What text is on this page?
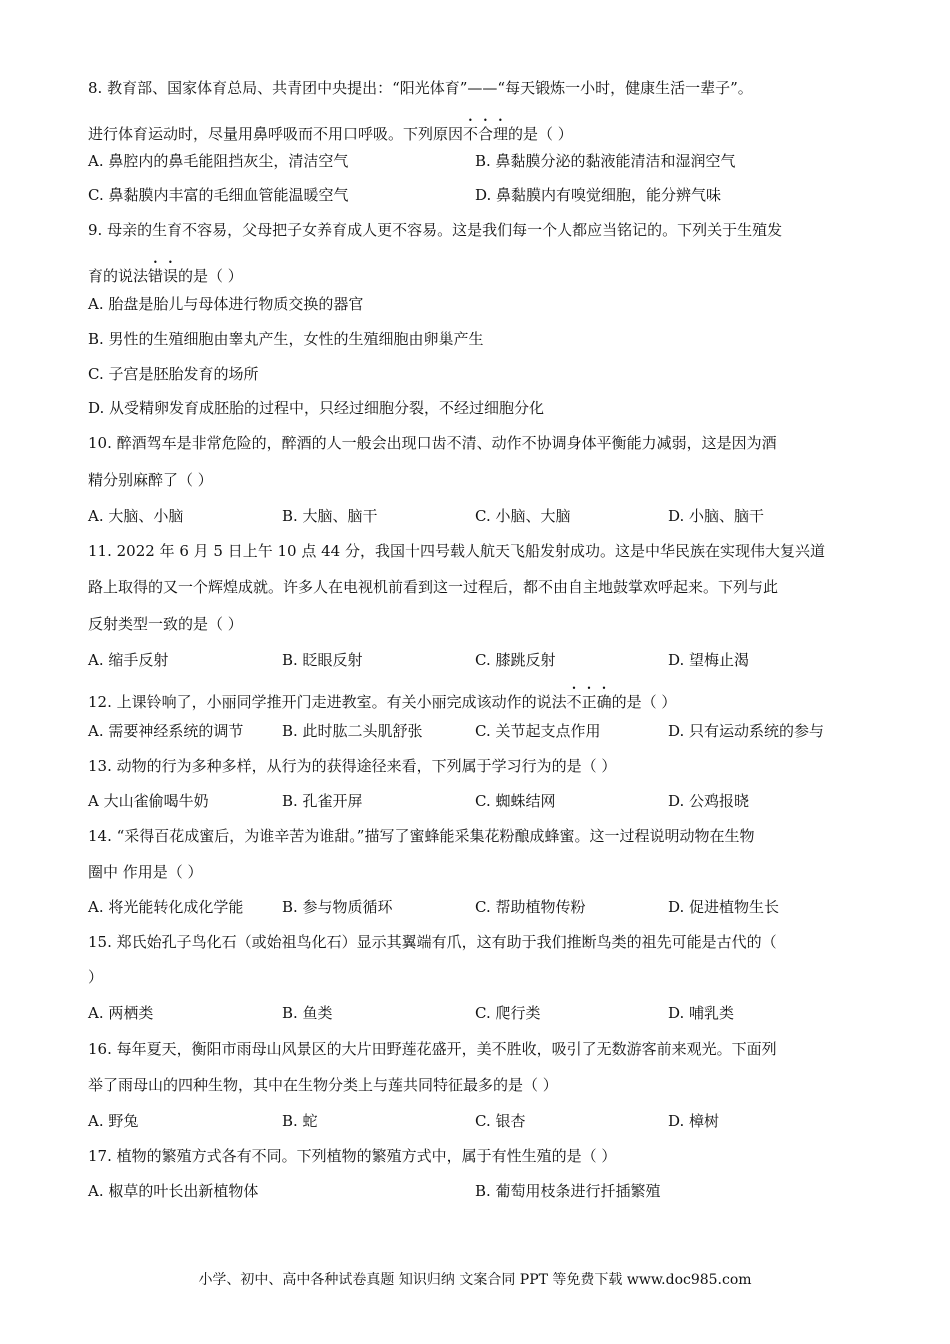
8. 教育部、国家体育总局、共青团中央提出：“阳光体育”——“每天锻炼一小时，健康生活一辈子”。
进行体育运动时，尽量用鼻呼吸而不用口呼吸。下列原因不合理的是（ ）
A. 鼻腔内的鼻毛能阻挡灰尘，清洁空气	B. 鼻黏膜分泌的黏液能清洁和湿润空气
C. 鼻黏膜内丰富的毛细血管能温暖空气	D. 鼻黏膜内有嗅觉细胞，能分辨气味
9. 母亲的生育不容易，父母把子女养育成人更不容易。这是我们每一个人都应当铭记的。下列关于生殖发
育的说法错误的是（ ）
A. 胎盘是胎儿与母体进行物质交换的器官
B. 男性的生殖细胞由睾丸产生，女性的生殖细胞由卵巢产生
C. 子宫是胚胎发育的场所
D. 从受精卵发育成胚胎的过程中，只经过细胞分裂，不经过细胞分化
10. 醉酒驾车是非常危险的，醉酒的人一般会出现口齿不清、动作不协调身体平衡能力减弱，这是因为酒
精分别麻醉了（ ）
A. 大脑、小脑	B. 大脑、脑干	C. 小脑、大脑	D. 小脑、脑干
11. 2022 年 6 月 5 日上午 10 点 44 分，我国十四号载人航天飞船发射成功。这是中华民族在实现伟大复兴道
路上取得的又一个辉煌成就。许多人在电视机前看到这一过程后，都不由自主地鼓掌欢呼起来。下列与此
反射类型一致的是（ ）
A. 缩手反射	B. 眨眼反射	C. 膝跳反射	D. 望梅止渴
12. 上课铃响了，小丽同学推开门走进教室。有关小丽完成该动作的说法不正确的是（ ）
A. 需要神经系统的调节	B. 此时肱二头肌舒张	C. 关节起支点作用	D. 只有运动系统的参与
13. 动物的行为多种多样，从行为的获得途径来看，下列属于学习行为的是（ ）
A 大山雀偷喝牛奶	B. 孔雀开屏	C. 蜘蛛结网	D. 公鸡报晓
14. “采得百花成蜜后，为谁辛苦为谁甜。”描写了蜜蜂能采集花粉酿成蜂蜜。这一过程说明动物在生物
圈中 作用是（ ）
A. 将光能转化成化学能	B. 参与物质循环	C. 帮助植物传粉	D. 促进植物生长
15. 郑氏始孔子鸟化石（或始祖鸟化石）显示其翼端有爪，这有助于我们推断鸟类的祖先可能是古代的（
）
A. 两栖类	B. 鱼类	C. 爬行类	D. 哺乳类
16. 每年夏天，衡阳市雨母山风景区的大片田野莲花盛开，美不胜收，吸引了无数游客前来观光。下面列
举了雨母山的四种生物，其中在生物分类上与莲共同特征最多的是（ ）
A. 野兔	B. 蛇	C. 银杏	D. 樟树
17. 植物的繁殖方式各有不同。下列植物的繁殖方式中，属于有性生殖的是（ ）
A. 椒草的叶长出新植物体	B. 葡萄用枝条进行扦插繁殖
小学、初中、高中各种试卷真题 知识归纳 文案合同 PPT 等免费下载 www.doc985.com
